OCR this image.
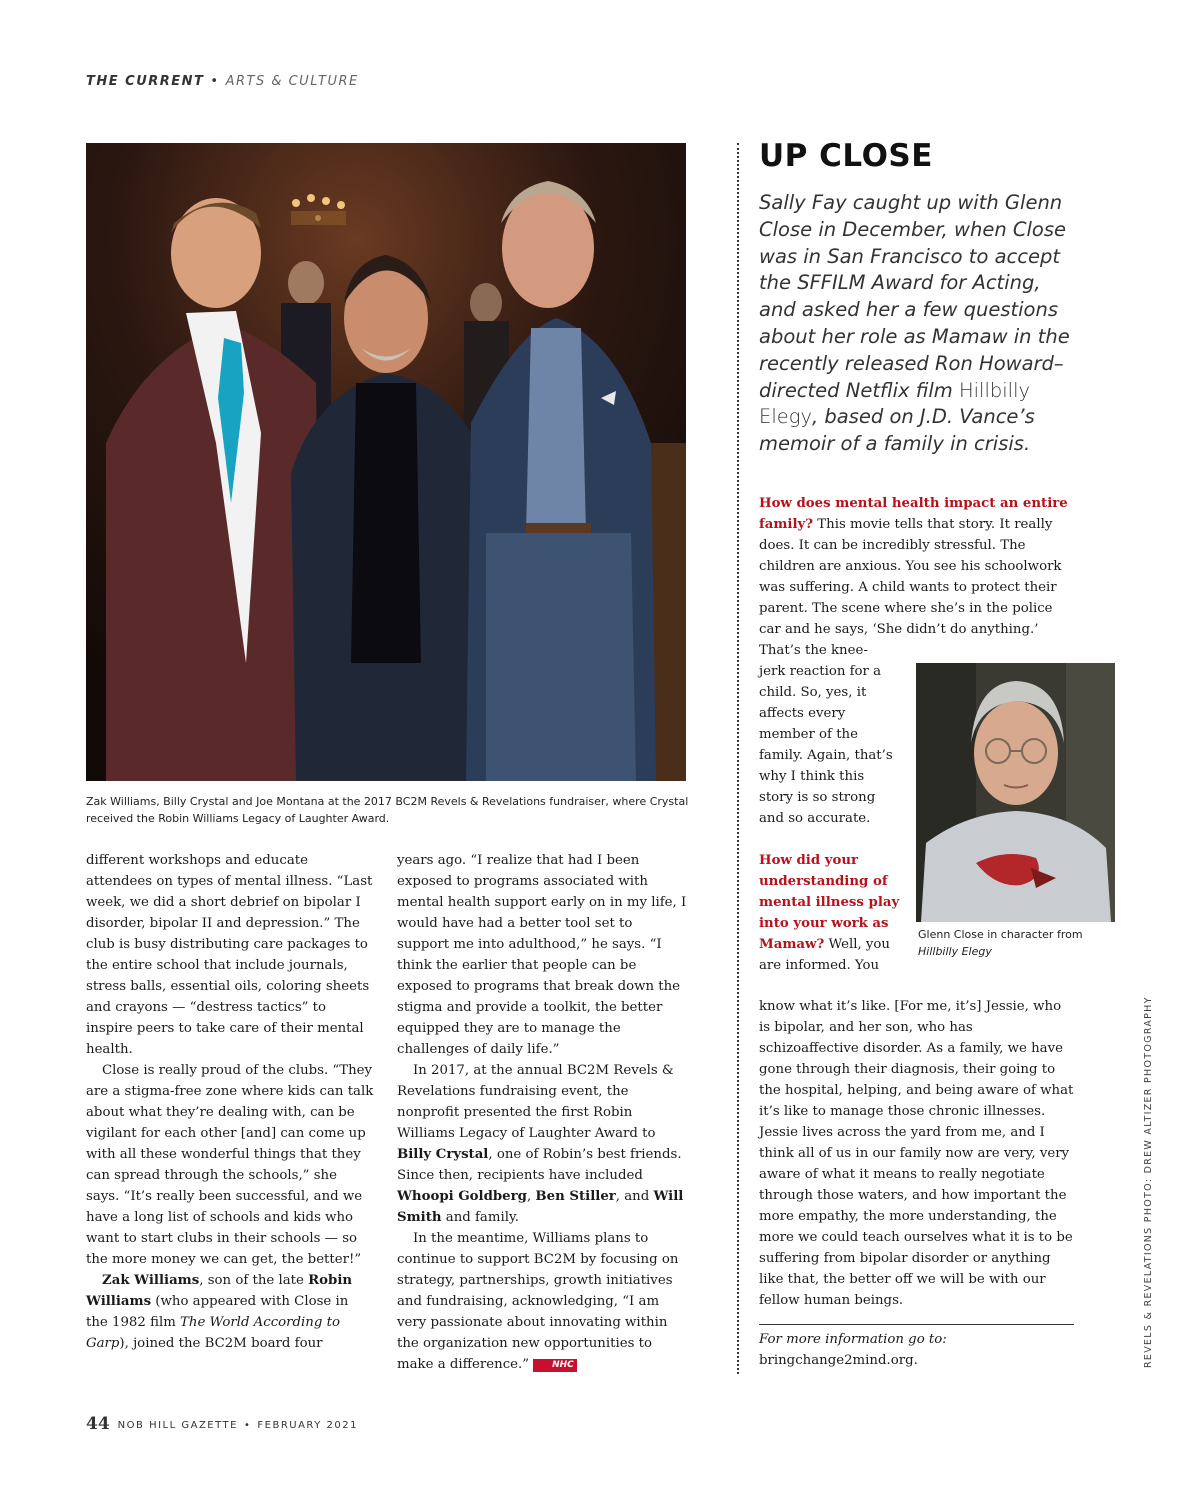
THE CURRENT • ARTS & CULTURE
Zak Williams, Billy Crystal and Joe Montana at the 2017 BC2M Revels & Revelations fundraiser, where Crystal received the Robin Williams Legacy of Laughter Award.

different workshops and educate attendees on types of mental illness. “Last week, we did a short debrief on bipolar I disorder, bipolar II and depression.” The club is busy distributing care packages to the entire school that include journals, stress balls, essential oils, coloring sheets and crayons — “destress tactics” to inspire peers to take care of their mental health.

Close is really proud of the clubs. “They are a stigma-free zone where kids can talk about what they’re dealing with, can be vigilant for each other [and] can come up with all these wonderful things that they can spread through the schools,” she says. “It’s really been successful, and we have a long list of schools and kids who want to start clubs in their schools — so the more money we can get, the better!”

Zak Williams, son of the late Robin Williams (who appeared with Close in the 1982 film The World According to Garp), joined the BC2M board four

years ago. “I realize that had I been exposed to programs associated with mental health support early on in my life, I would have had a better tool set to support me into adulthood,” he says. “I think the earlier that people can be exposed to programs that break down the stigma and provide a toolkit, the better equipped they are to manage the challenges of daily life.”

In 2017, at the annual BC2M Revels & Revelations fundraising event, the nonprofit presented the first Robin Williams Legacy of Laughter Award to Billy Crystal, one of Robin’s best friends. Since then, recipients have included Whoopi Goldberg, Ben Stiller, and Will Smith and family.

In the meantime, Williams plans to continue to support BC2M by focusing on strategy, partnerships, growth initiatives and fundraising, acknowledging, “I am very passionate about innovating within the organization new opportunities to make a difference.”	NHC

UP CLOSE
Sally Fay caught up with Glenn Close in December, when Close was in San Francisco to accept the SFFILM Award for Acting, and asked her a few questions about her role as Mamaw in the recently released Ron Howard–directed Netflix film Hillbilly Elegy, based on J.D. Vance’s memoir of a family in crisis.
How does mental health impact an entire family? This movie tells that story. It really does. It can be incredibly stressful. The children are anxious. You see his schoolwork was suffering. A child wants to protect their parent. The scene where she’s in the police car and he says, ‘She didn’t do anything.’
That’s the knee-jerk reaction for a child. So, yes, it affects every member of the family. Again, that’s why I think this story is so strong and so accurate.
How did your understanding of mental illness play into your work as Mamaw? Well, you are informed. You
know what it’s like. [For me, it’s] Jessie, who is bipolar, and her son, who has schizoaffective disorder. As a family, we have gone through their diagnosis, their going to the hospital, helping, and being aware of what it’s like to manage those chronic illnesses. Jessie lives across the yard from me, and I think all of us in our family now are very, very aware of what it means to really negotiate through those waters, and how important the more empathy, the more understanding, the more we could teach ourselves what it is to be suffering from bipolar disorder or anything like that, the better off we will be with our fellow human beings.
Glenn Close in character from Hillbilly Elegy
For more information go to:
bringchange2mind.org.	REVELS & REVELATIONS PHOTO: DREW ALTIZER PHOTOGRAPHY
44 NOB HILL GAZETTE • FEBRUARY 2021
